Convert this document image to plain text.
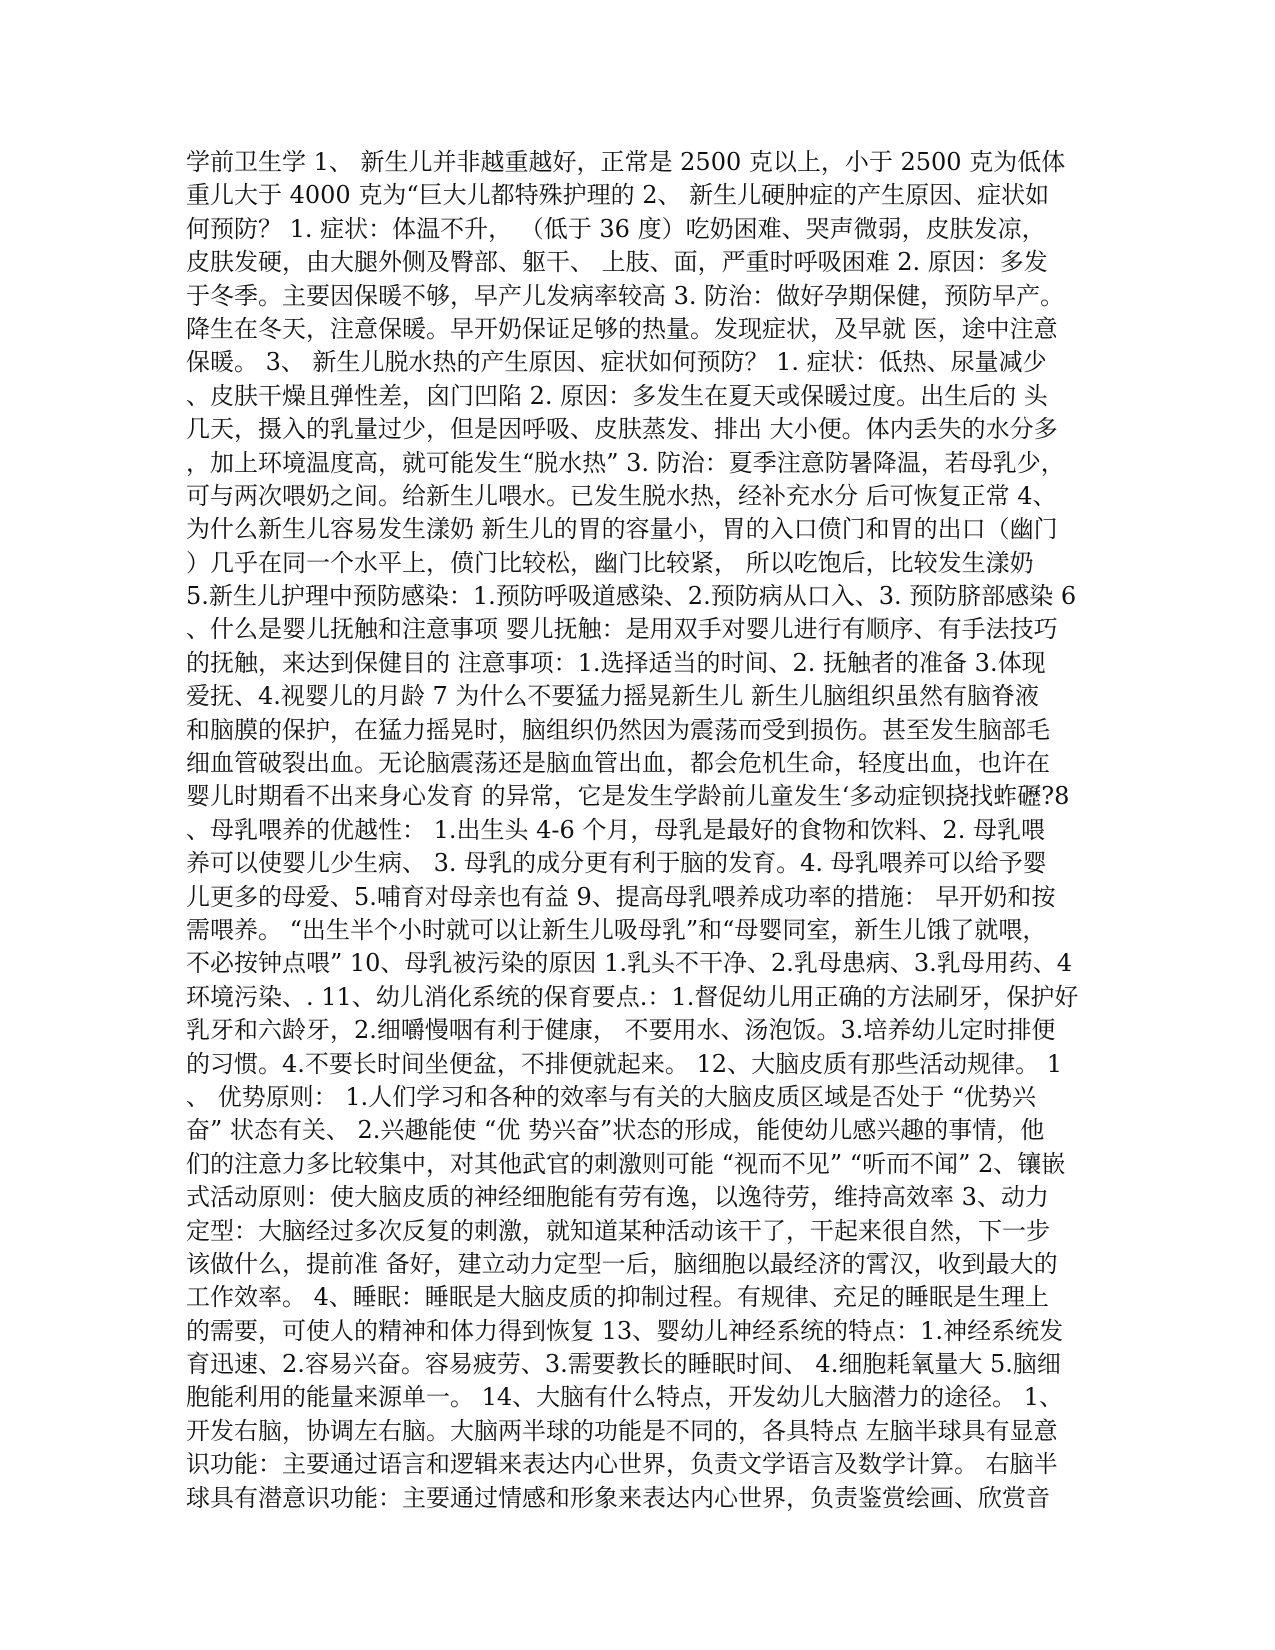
学前卫生学 1、 新生儿并非越重越好，正常是 2500 克以上，小于 2500 克为低体
重儿大于 4000 克为“巨大儿都特殊护理的 2、 新生儿硬肿症的产生原因、症状如
何预防？ 1. 症状：体温不升， （低于 36 度）吃奶困难、哭声微弱，皮肤发凉，
皮肤发硬，由大腿外侧及臀部、躯干、 上肢、面，严重时呼吸困难 2. 原因：多发
于冬季。主要因保暖不够，早产儿发病率较高 3. 防治：做好孕期保健，预防早产。
降生在冬天，注意保暖。早开奶保证足够的热量。发现症状，及早就 医，途中注意
保暖。 3、 新生儿脱水热的产生原因、症状如何预防？ 1. 症状：低热、尿量减少
、皮肤干燥且弹性差，囟门凹陷 2. 原因：多发生在夏天或保暖过度。出生后的 头
几天，摄入的乳量过少，但是因呼吸、皮肤蒸发、排出 大小便。体内丢失的水分多
，加上环境温度高，就可能发生“脱水热” 3. 防治：夏季注意防暑降温，若母乳少，
可与两次喂奶之间。给新生儿喂水。已发生脱水热，经补充水分 后可恢复正常 4、
为什么新生儿容易发生漾奶 新生儿的胃的容量小，胃的入口偾门和胃的出口（幽门
）几乎在同一个水平上，偾门比较松，幽门比较紧， 所以吃饱后，比较发生漾奶
5.新生儿护理中预防感染：1.预防呼吸道感染、2.预防病从口入、3. 预防脐部感染 6
、什么是婴儿抚触和注意事项 婴儿抚触：是用双手对婴儿进行有顺序、有手法技巧
的抚触，来达到保健目的 注意事项：1.选择适当的时间、2. 抚触者的准备 3.体现
爱抚、4.视婴儿的月龄 7 为什么不要猛力摇晃新生儿 新生儿脑组织虽然有脑脊液
和脑膜的保护，在猛力摇晃时，脑组织仍然因为震荡而受到损伤。甚至发生脑部毛
细血管破裂出血。无论脑震荡还是脑血管出血，都会危机生命，轻度出血，也许在
婴儿时期看不出来身心发育 的异常，它是发生学龄前儿童发生‘多动症钡挠找蚱礰?8
、母乳喂养的优越性： 1.出生头 4-6 个月，母乳是最好的食物和饮料、2. 母乳喂
养可以使婴儿少生病、 3. 母乳的成分更有利于脑的发育。4. 母乳喂养可以给予婴
儿更多的母爱、5.哺育对母亲也有益 9、提高母乳喂养成功率的措施： 早开奶和按
需喂养。 “出生半个小时就可以让新生儿吸母乳”和“母婴同室，新生儿饿了就喂，
不必按钟点喂” 10、母乳被污染的原因 1.乳头不干净、2.乳母患病、3.乳母用药、4
环境污染、. 11、幼儿消化系统的保育要点.：1.督促幼儿用正确的方法刷牙，保护好
乳牙和六龄牙，2.细嚼慢咽有利于健康， 不要用水、汤泡饭。3.培养幼儿定时排便
的习惯。4.不要长时间坐便盆，不排便就起来。 12、大脑皮质有那些活动规律。 1
、 优势原则： 1.人们学习和各种的效率与有关的大脑皮质区域是否处于 “优势兴
奋” 状态有关、 2.兴趣能使 “优 势兴奋”状态的形成，能使幼儿感兴趣的事情，他
们的注意力多比较集中，对其他武官的刺激则可能 “视而不见” “听而不闻” 2、镶嵌
式活动原则：使大脑皮质的神经细胞能有劳有逸，以逸待劳，维持高效率 3、动力
定型：大脑经过多次反复的刺激，就知道某种活动该干了，干起来很自然，下一步
该做什么，提前准 备好，建立动力定型一后，脑细胞以最经济的霄汉，收到最大的
工作效率。 4、睡眠：睡眠是大脑皮质的抑制过程。有规律、充足的睡眠是生理上
的需要，可使人的精神和体力得到恢复 13、婴幼儿神经系统的特点：1.神经系统发
育迅速、2.容易兴奋。容易疲劳、3.需要教长的睡眠时间、 4.细胞耗氧量大 5.脑细
胞能利用的能量来源单一。 14、大脑有什么特点，开发幼儿大脑潜力的途径。 1、
开发右脑，协调左右脑。大脑两半球的功能是不同的，各具特点 左脑半球具有显意
识功能：主要通过语言和逻辑来表达内心世界，负责文学语言及数学计算。 右脑半
球具有潜意识功能：主要通过情感和形象来表达内心世界，负责鉴赏绘画、欣赏音
